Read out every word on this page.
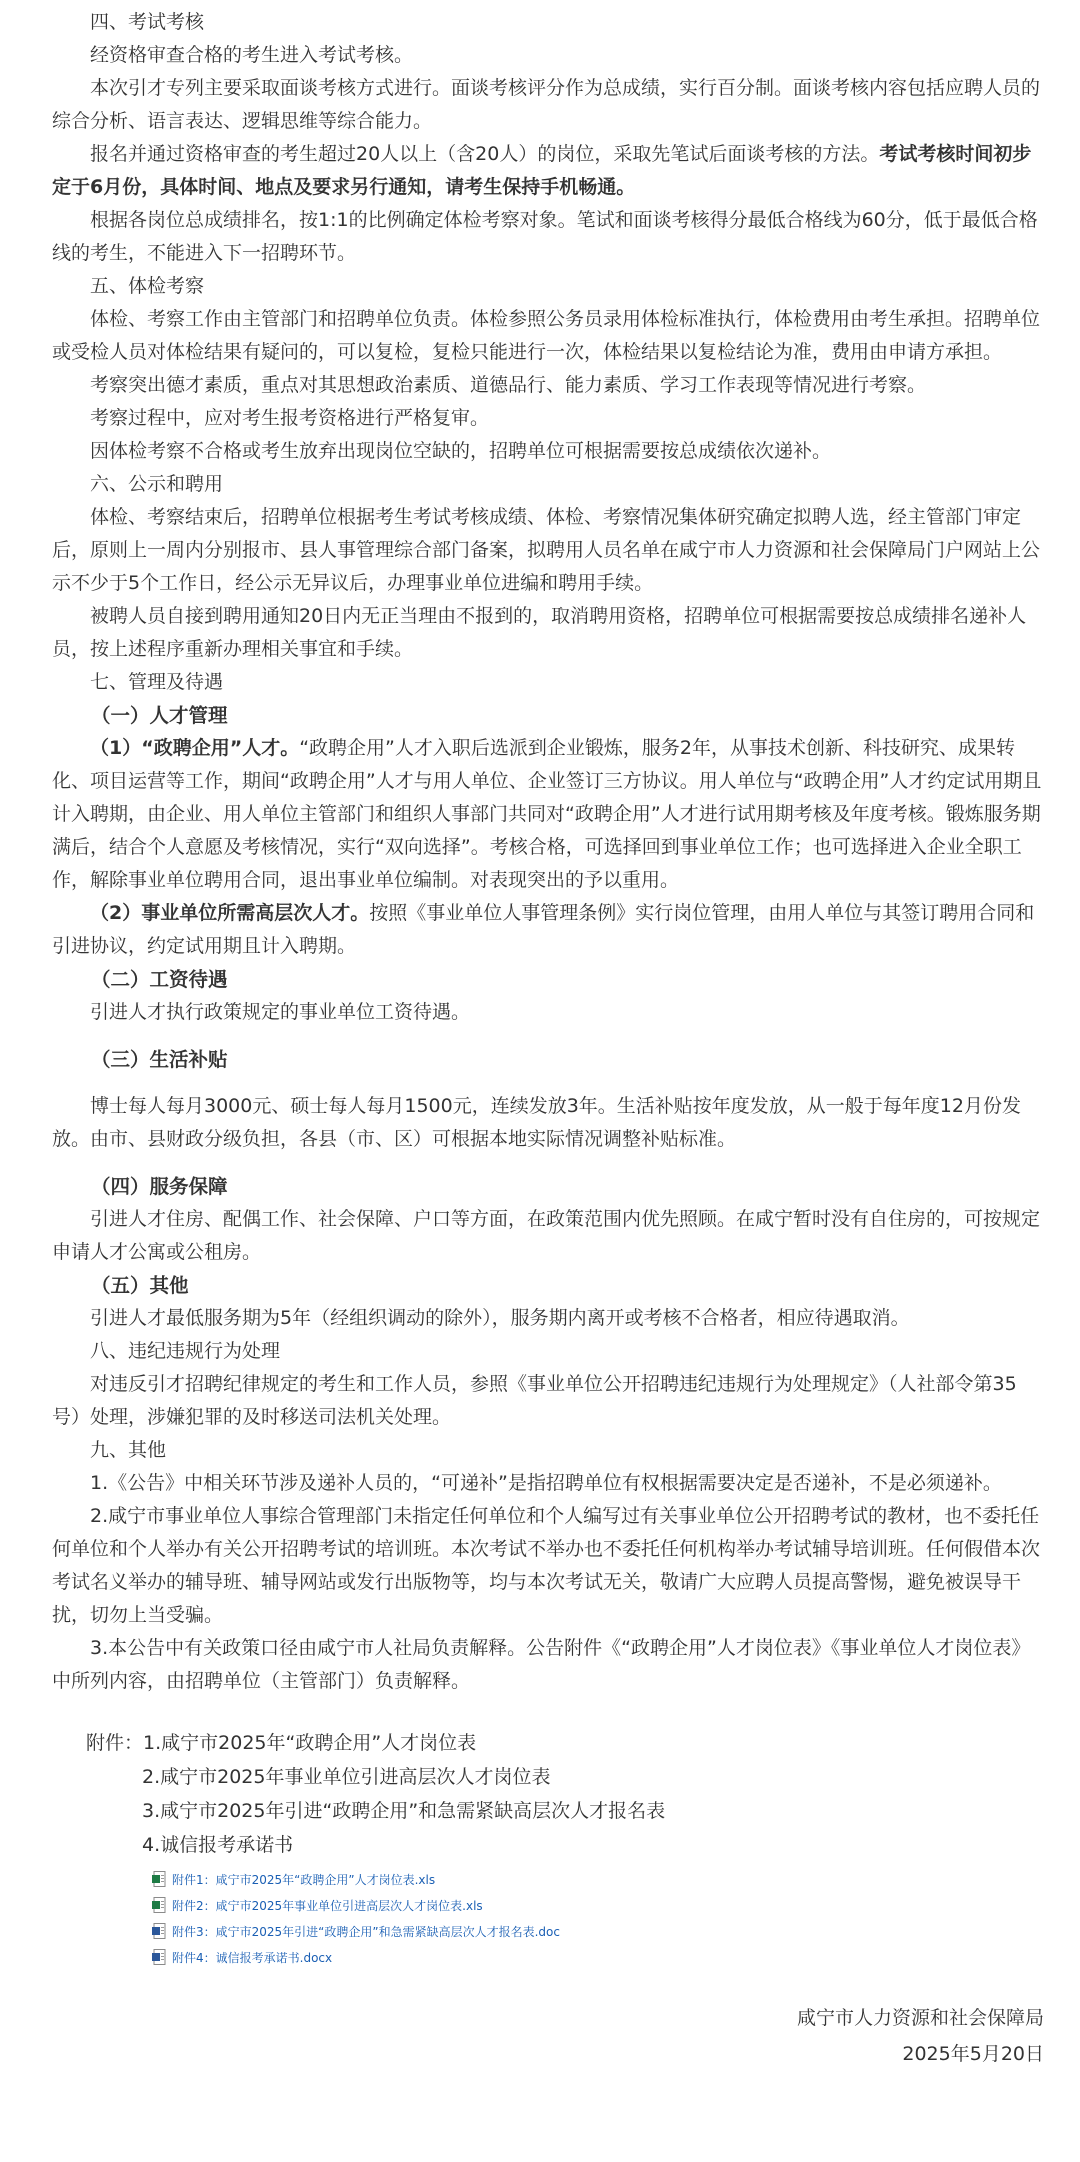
四、考试考核

经资格审查合格的考生进入考试考核。

本次引才专列主要采取面谈考核方式进行。面谈考核评分作为总成绩，实行百分制。面谈考核内容包括应聘人员的综合分析、语言表达、逻辑思维等综合能力。

报名并通过资格审查的考生超过20人以上（含20人）的岗位，采取先笔试后面谈考核的方法。考试考核时间初步定于6月份，具体时间、地点及要求另行通知，请考生保持手机畅通。

根据各岗位总成绩排名，按1:1的比例确定体检考察对象。笔试和面谈考核得分最低合格线为60分，低于最低合格线的考生，不能进入下一招聘环节。

五、体检考察

体检、考察工作由主管部门和招聘单位负责。体检参照公务员录用体检标准执行，体检费用由考生承担。招聘单位或受检人员对体检结果有疑问的，可以复检，复检只能进行一次，体检结果以复检结论为准，费用由申请方承担。

考察突出德才素质，重点对其思想政治素质、道德品行、能力素质、学习工作表现等情况进行考察。

考察过程中，应对考生报考资格进行严格复审。

因体检考察不合格或考生放弃出现岗位空缺的，招聘单位可根据需要按总成绩依次递补。

六、公示和聘用

体检、考察结束后，招聘单位根据考生考试考核成绩、体检、考察情况集体研究确定拟聘人选，经主管部门审定后，原则上一周内分别报市、县人事管理综合部门备案，拟聘用人员名单在咸宁市人力资源和社会保障局门户网站上公示不少于5个工作日，经公示无异议后，办理事业单位进编和聘用手续。

被聘人员自接到聘用通知20日内无正当理由不报到的，取消聘用资格，招聘单位可根据需要按总成绩排名递补人员，按上述程序重新办理相关事宜和手续。

七、管理及待遇

（一）人才管理

（1）“政聘企用”人才。“政聘企用”人才入职后选派到企业锻炼，服务2年，从事技术创新、科技研究、成果转化、项目运营等工作，期间“政聘企用”人才与用人单位、企业签订三方协议。用人单位与“政聘企用”人才约定试用期且计入聘期，由企业、用人单位主管部门和组织人事部门共同对“政聘企用”人才进行试用期考核及年度考核。锻炼服务期满后，结合个人意愿及考核情况，实行“双向选择”。考核合格，可选择回到事业单位工作；也可选择进入企业全职工作，解除事业单位聘用合同，退出事业单位编制。对表现突出的予以重用。

（2）事业单位所需高层次人才。按照《事业单位人事管理条例》实行岗位管理，由用人单位与其签订聘用合同和引进协议，约定试用期且计入聘期。

（二）工资待遇

引进人才执行政策规定的事业单位工资待遇。

（三）生活补贴

博士每人每月3000元、硕士每人每月1500元，连续发放3年。生活补贴按年度发放，从一般于每年度12月份发放。由市、县财政分级负担，各县（市、区）可根据本地实际情况调整补贴标准。

（四）服务保障

引进人才住房、配偶工作、社会保障、户口等方面，在政策范围内优先照顾。在咸宁暂时没有自住房的，可按规定申请人才公寓或公租房。

（五）其他

引进人才最低服务期为5年（经组织调动的除外），服务期内离开或考核不合格者，相应待遇取消。

八、违纪违规行为处理

对违反引才招聘纪律规定的考生和工作人员，参照《事业单位公开招聘违纪违规行为处理规定》（人社部令第35号）处理，涉嫌犯罪的及时移送司法机关处理。

九、其他

1.《公告》中相关环节涉及递补人员的，“可递补”是指招聘单位有权根据需要决定是否递补，不是必须递补。

2.咸宁市事业单位人事综合管理部门未指定任何单位和个人编写过有关事业单位公开招聘考试的教材，也不委托任何单位和个人举办有关公开招聘考试的培训班。本次考试不举办也不委托任何机构举办考试辅导培训班。任何假借本次考试名义举办的辅导班、辅导网站或发行出版物等，均与本次考试无关，敬请广大应聘人员提高警惕，避免被误导干扰，切勿上当受骗。

3.本公告中有关政策口径由咸宁市人社局负责解释。公告附件《“政聘企用”人才岗位表》《事业单位人才岗位表》中所列内容，由招聘单位（主管部门）负责解释。

附件：1.咸宁市2025年“政聘企用”人才岗位表

2.咸宁市2025年事业单位引进高层次人才岗位表

3.咸宁市2025年引进“政聘企用”和急需紧缺高层次人才报名表

4.诚信报考承诺书

附件1：咸宁市2025年“政聘企用”人才岗位表.xls
附件2：咸宁市2025年事业单位引进高层次人才岗位表.xls
附件3：咸宁市2025年引进“政聘企用”和急需紧缺高层次人才报名表.doc
附件4：诚信报考承诺书.docx

咸宁市人力资源和社会保障局

2025年5月20日
